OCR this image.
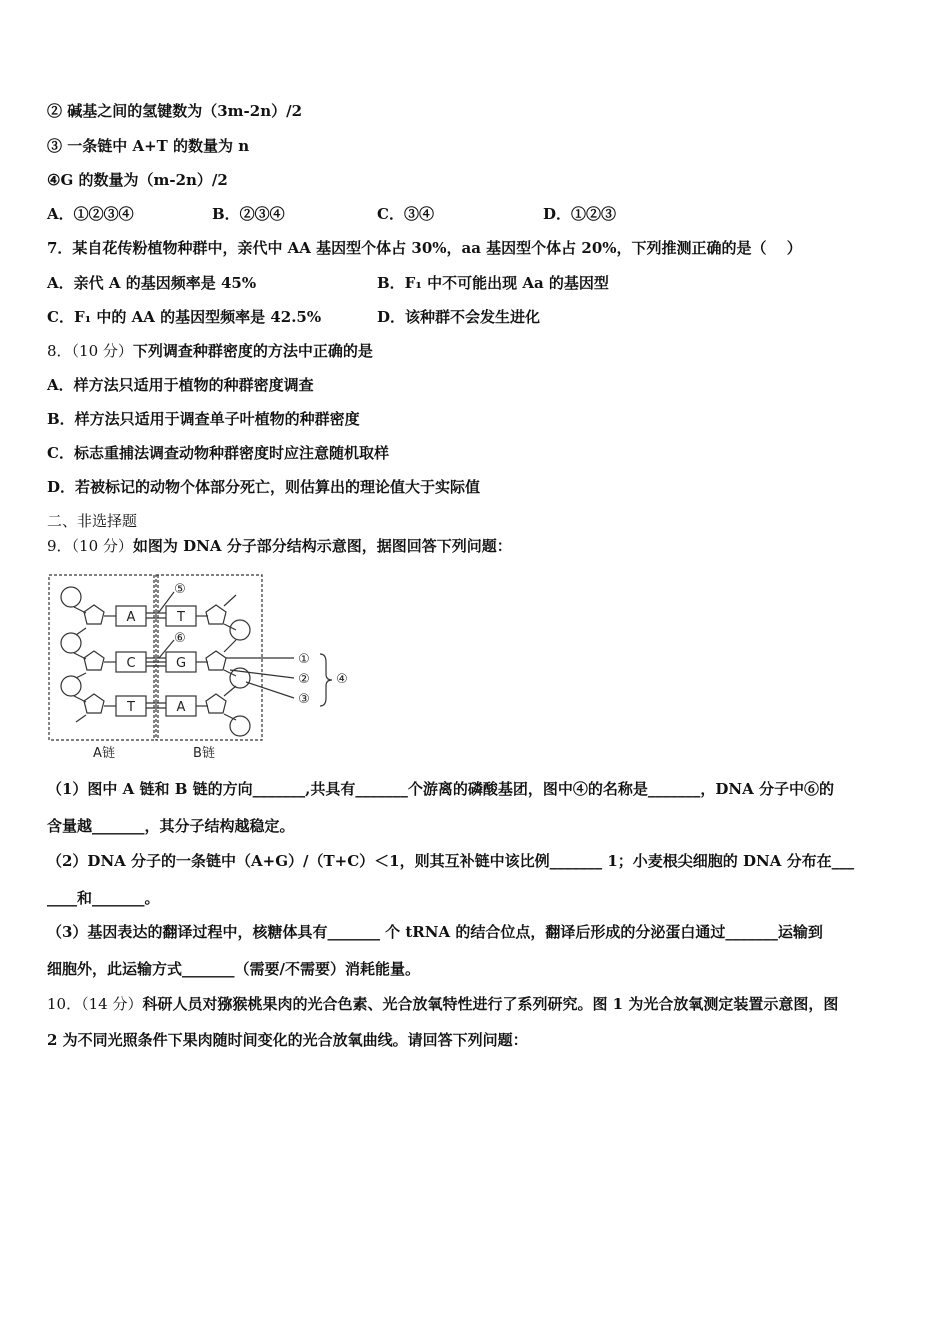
② 碱基之间的氢键数为（3m-2n）/2
③ 一条链中 A+T 的数量为 n
④G 的数量为（m-2n）/2
A．①②③④	B．②③④	C．③④	D．①②③
7．某自花传粉植物种群中，亲代中 AA 基因型个体占 30%，aa 基因型个体占 20%，下列推测正确的是（　 ）
A．亲代 A 的基因频率是 45%	B．F₁ 中不可能出现 Aa 的基因型
C．F₁ 中的 AA 的基因型频率是 42.5%	D．该种群不会发生进化
8．（10 分）下列调查种群密度的方法中正确的是
A．样方法只适用于植物的种群密度调查
B．样方法只适用于调查单子叶植物的种群密度
C．标志重捕法调查动物种群密度时应注意随机取样
D．若被标记的动物个体部分死亡，则估算出的理论值大于实际值
二、非选择题
9．（10 分）如图为 DNA 分子部分结构示意图，据图回答下列问题：
A
C
T
T
G
A
⑤
⑥
①
②
③
④
A链	B链
（1）图中 A 链和 B 链的方向_______,共具有_______个游离的磷酸基团，图中④的名称是_______，DNA 分子中⑥的
含量越_______，其分子结构越稳定。
（2）DNA 分子的一条链中（A+G）/（T+C）＜1，则其互补链中该比例_______ 1；小麦根尖细胞的 DNA 分布在___
____和_______。
（3）基因表达的翻译过程中，核糖体具有_______ 个 tRNA 的结合位点，翻译后形成的分泌蛋白通过_______运输到
细胞外，此运输方式_______（需要/不需要）消耗能量。
10．（14 分）科研人员对猕猴桃果肉的光合色素、光合放氧特性进行了系列研究。图 1 为光合放氧测定装置示意图，图
2 为不同光照条件下果肉随时间变化的光合放氧曲线。请回答下列问题：
